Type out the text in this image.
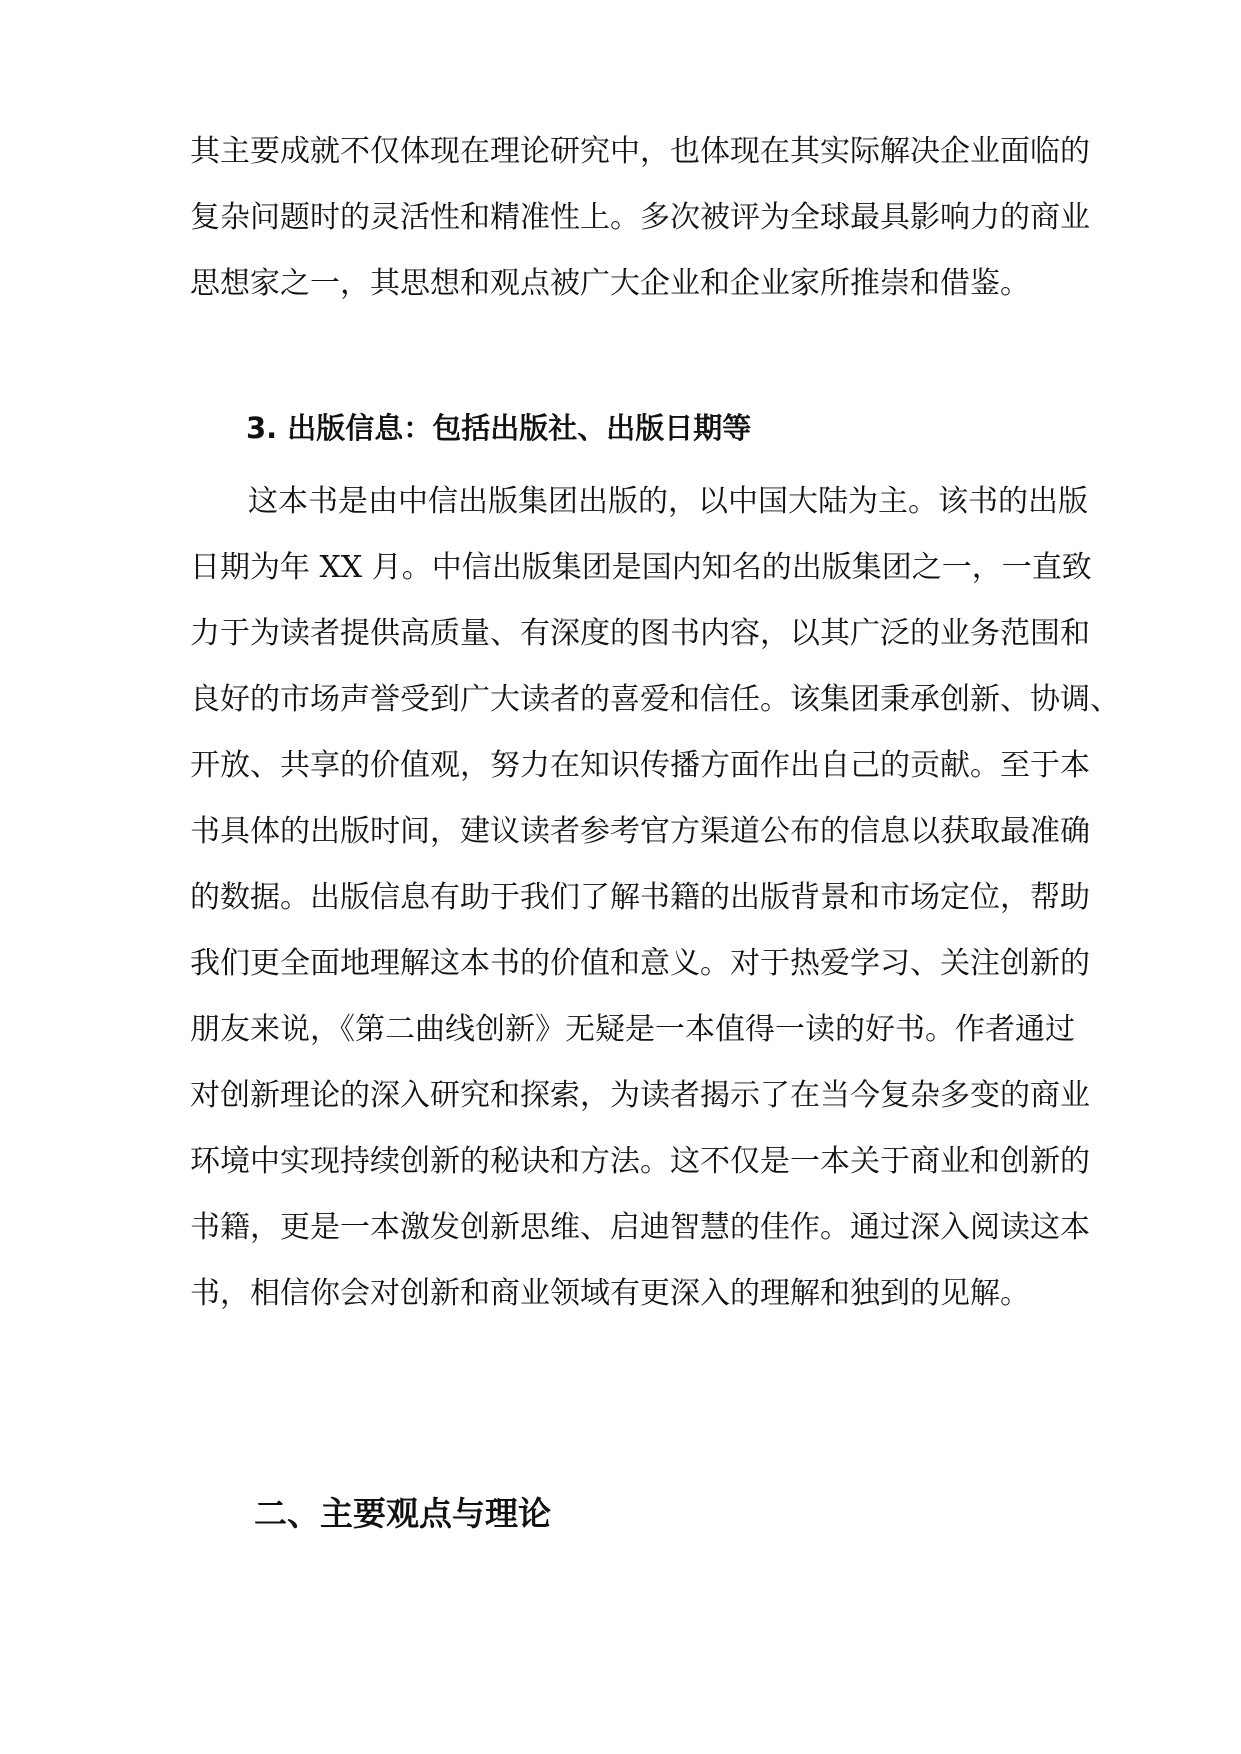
其主要成就不仅体现在理论研究中，也体现在其实际解决企业面临的
复杂问题时的灵活性和精准性上。多次被评为全球最具影响力的商业
思想家之一，其思想和观点被广大企业和企业家所推崇和借鉴。
3. 出版信息：包括出版社、出版日期等
这本书是由中信出版集团出版的，以中国大陆为主。该书的出版
日期为年 XX 月。中信出版集团是国内知名的出版集团之一，一直致
力于为读者提供高质量、有深度的图书内容，以其广泛的业务范围和
良好的市场声誉受到广大读者的喜爱和信任。该集团秉承创新、协调、
开放、共享的价值观，努力在知识传播方面作出自己的贡献。至于本
书具体的出版时间，建议读者参考官方渠道公布的信息以获取最准确
的数据。出版信息有助于我们了解书籍的出版背景和市场定位，帮助
我们更全面地理解这本书的价值和意义。对于热爱学习、关注创新的
朋友来说，《第二曲线创新》无疑是一本值得一读的好书。作者通过
对创新理论的深入研究和探索，为读者揭示了在当今复杂多变的商业
环境中实现持续创新的秘诀和方法。这不仅是一本关于商业和创新的
书籍，更是一本激发创新思维、启迪智慧的佳作。通过深入阅读这本
书，相信你会对创新和商业领域有更深入的理解和独到的见解。
二、主要观点与理论
